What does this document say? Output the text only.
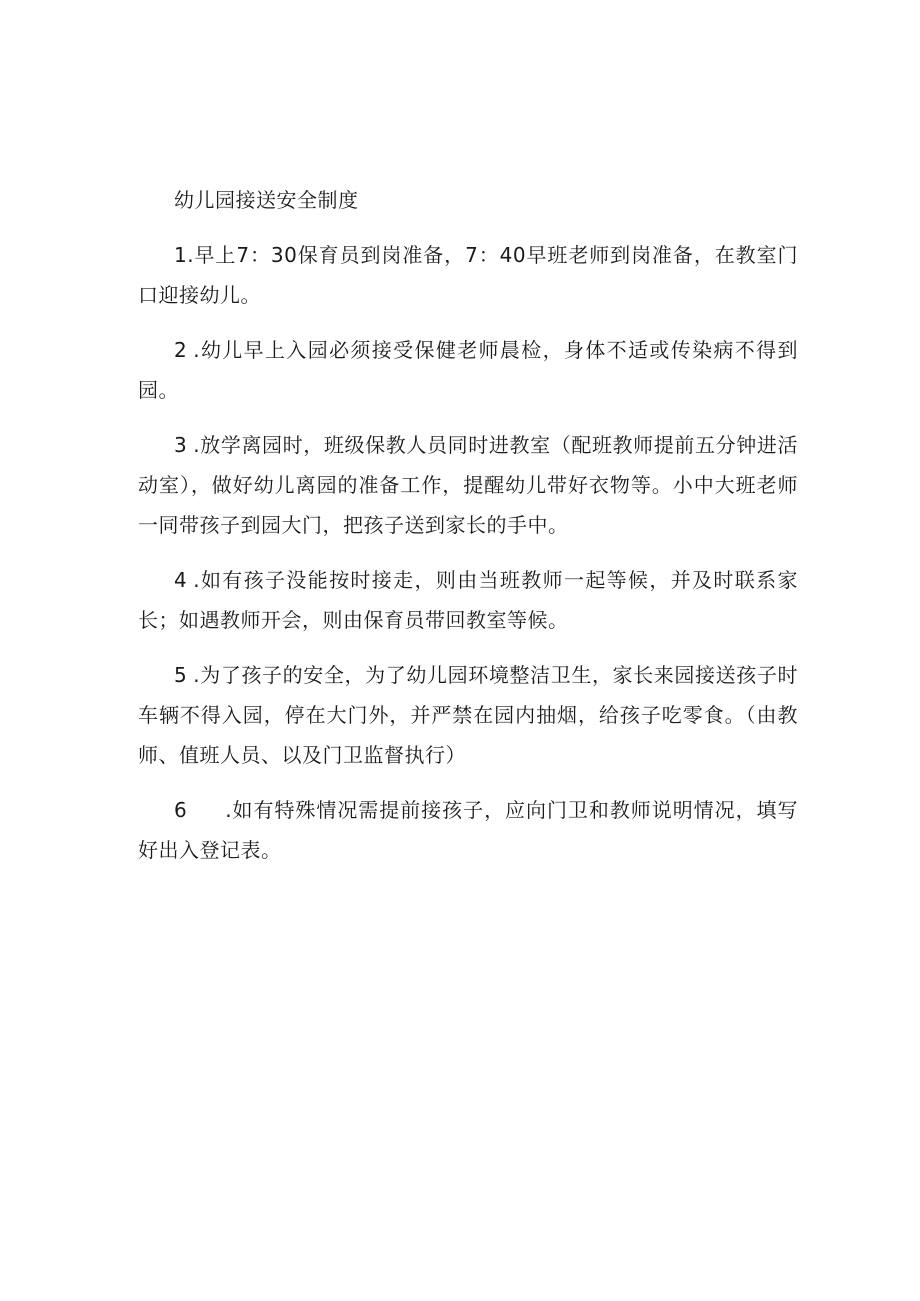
幼儿园接送安全制度

1.早上7：30保育员到岗准备，7：40早班老师到岗准备，在教室门口迎接幼儿。

2 .幼儿早上入园必须接受保健老师晨检，身体不适或传染病不得到园。

3 .放学离园时，班级保教人员同时进教室（配班教师提前五分钟进活动室），做好幼儿离园的准备工作，提醒幼儿带好衣物等。小中大班老师一同带孩子到园大门，把孩子送到家长的手中。

4 .如有孩子没能按时接走，则由当班教师一起等候，并及时联系家长；如遇教师开会，则由保育员带回教室等候。

5 .为了孩子的安全，为了幼儿园环境整洁卫生，家长来园接送孩子时车辆不得入园，停在大门外，并严禁在园内抽烟，给孩子吃零食。（由教师、值班人员、以及门卫监督执行）

6 .如有特殊情况需提前接孩子，应向门卫和教师说明情况，填写好出入登记表。
